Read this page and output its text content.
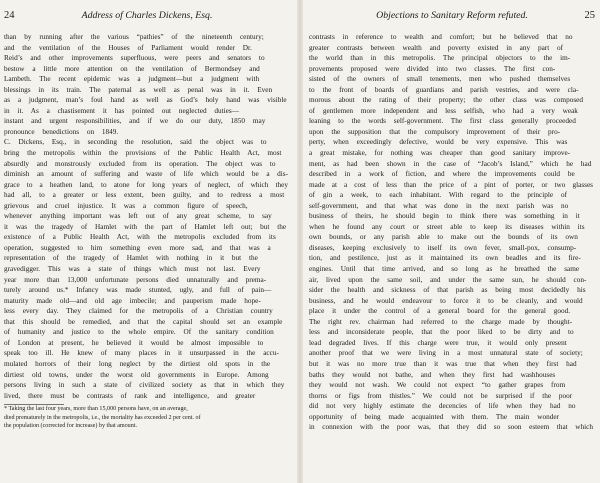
24	Address of Charles Dickens, Esq.

than by running after the various “pathies” of the nineteenth century;

and the ventilation of the Houses of Parliament would render Dr.

Reid’s and other improvements superfluous, were peers and senators to

bestow a little more attention on the ventilation of Bermondsey and

Lambeth. The recent epidemic was a judgment—but a judgment with

blessings in its train. The paternal as well as penal was in it. Even

as a judgment, man’s foul hand as well as God’s holy hand was visible

in it. As a chastisement it has pointed out neglected duties—

instant and urgent responsibilities, and if we do our duty, 1850 may

pronounce benedictions on 1849.

C. Dickens, Esq., in seconding the resolution, said the object was to

bring the metropolis within the provisions of the Public Health Act, most

absurdly and monstrously excluded from its operation. The object was to

diminish an amount of suffering and waste of life which would be a dis-

grace to a heathen land, to atone for long years of neglect, of which they

had all, to a greater or less extent, been guilty, and to redress a most

grievous and cruel injustice. It was a common figure of speech,

whenever anything important was left out of any great scheme, to say

it was the tragedy of Hamlet with the part of Hamlet left out; but the

existence of a Public Health Act, with the metropolis excluded from its

operation, suggested to him something even more sad, and that was a

representation of the tragedy of Hamlet with nothing in it but the

gravedigger. This was a state of things which must not last. Every

year more than 13,000 unfortunate persons died unnaturally and prema-

turely around us.* Infancy was made stunted, ugly, and full of pain—

maturity made old—and old age imbecile; and pauperism made hope-

less every day. They claimed for the metropolis of a Christian country

that this should be remedied, and that the capital should set an example

of humanity and justice to the whole empire. Of the sanitary condition

of London at present, he believed it would be almost impossible to

speak too ill. He knew of many places in it unsurpassed in the accu-

mulated horrors of their long neglect by the dirtiest old spots in the

dirtiest old towns, under the worst old governments in Europe. Among

persons living in such a state of civilized society as that in which they

lived, there must be contrasts of rank and intelligence, and greater

* Taking the last four years, more than 15,000 persons have, on an average,

died prematurely in the metropolis, i.e., the mortality has exceeded 2 per cent. of

the population (corrected for increase) by that amount.

Objections to Sanitary Reform refuted.	25

contrasts in reference to wealth and comfort; but he believed that no

greater contrasts between wealth and poverty existed in any part of

the world than in this metropolis. The principal objectors to the im-

provements proposed were divided into two classes. The first con-

sisted of the owners of small tenements, men who pushed themselves

to the front of boards of guardians and parish vestries, and were cla-

morous about the rating of their property; the other class was composed

of gentlemen more independent and less selfish, who had a very weak

leaning to the words self-government. The first class generally proceeded

upon the supposition that the compulsory improvement of their pro-

perty, when exceedingly defective, would be very expensive. This was

a great mistake, for nothing was cheaper than good sanitary improve-

ment, as had been shown in the case of “Jacob’s Island,” which he had

described in a work of fiction, and where the improvements could be

made at a cost of less than the price of a pint of porter, or two glasses

of gin a week, to each inhabitant. With regard to the principle of

self-government, and that what was done in the next parish was no

business of theirs, he should begin to think there was something in it

when he found any court or street able to keep its diseases within its

own bounds, or any parish able to make out the bounds of its own

diseases, keeping exclusively to itself its own fever, small-pox, consump-

tion, and pestilence, just as it maintained its own beadles and its fire-

engines. Until that time arrived, and so long as he breathed the same

air, lived upon the same soil, and under the same sun, he should con-

sider the health and sickness of that parish as being most decidedly his

business, and he would endeavour to force it to be cleanly, and would

place it under the control of a general board for the general good.

The right rev. chairman had referred to the charge made by thought-

less and inconsiderate people, that the poor liked to be dirty and to

lead degraded lives. If this charge were true, it would only present

another proof that we were living in a most unnatural state of society;

but it was no more true than it was true that when they first had

baths they would not bathe, and when they first had washhouses

they would not wash. We could not expect “to gather grapes from

thorns or figs from thistles.” We could not be surprised if the poor

did not very highly estimate the decencies of life when they had no

opportunity of being made acquainted with them. The main wonder

in connexion with the poor was, that they did so soon esteem that which
